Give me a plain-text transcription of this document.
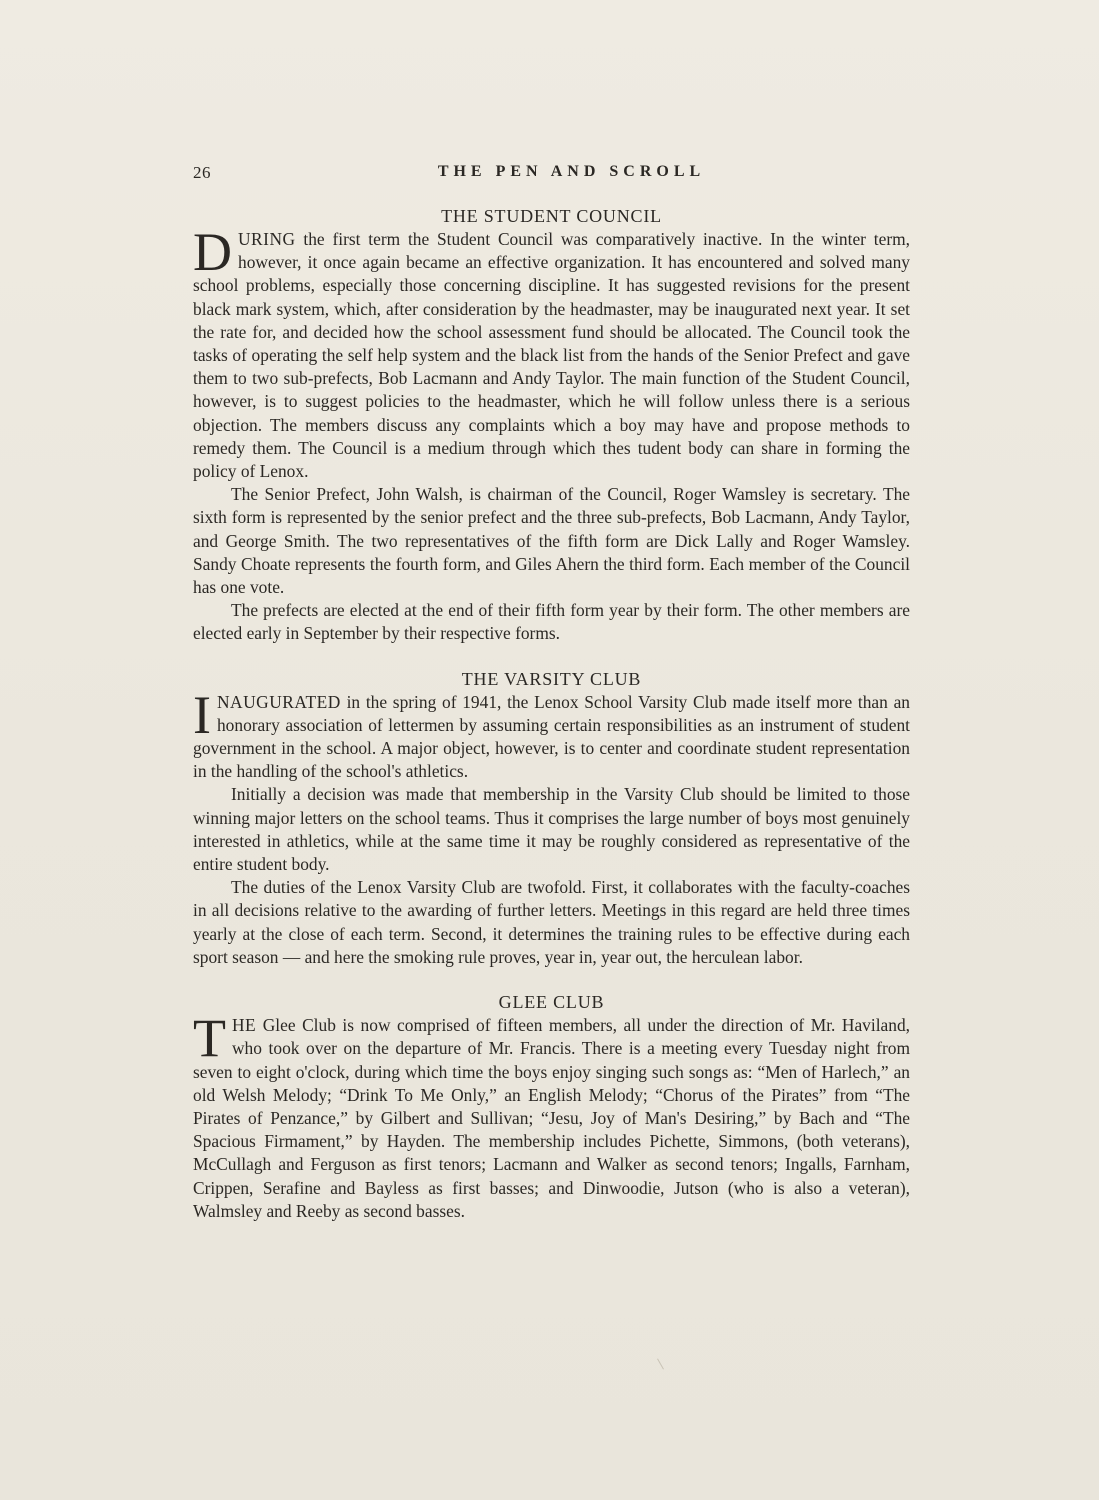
26	THE PEN AND SCROLL
THE STUDENT COUNCIL

DURING the first term the Student Council was comparatively inactive. In the winter term, however, it once again became an effective organization. It has encountered and solved many school problems, especially those concerning discipline. It has suggested revisions for the present black mark system, which, after consideration by the headmaster, may be inaugurated next year. It set the rate for, and decided how the school assessment fund should be allocated. The Council took the tasks of operating the self help system and the black list from the hands of the Senior Prefect and gave them to two sub-prefects, Bob Lacmann and Andy Taylor. The main function of the Student Council, however, is to suggest policies to the headmaster, which he will follow unless there is a serious objection. The members discuss any complaints which a boy may have and propose methods to remedy them. The Council is a medium through which thes tudent body can share in forming the policy of Lenox.

The Senior Prefect, John Walsh, is chairman of the Council, Roger Wamsley is secretary. The sixth form is represented by the senior prefect and the three sub-prefects, Bob Lacmann, Andy Taylor, and George Smith. The two representatives of the fifth form are Dick Lally and Roger Wamsley. Sandy Choate represents the fourth form, and Giles Ahern the third form. Each member of the Council has one vote.

The prefects are elected at the end of their fifth form year by their form. The other members are elected early in September by their respective forms.

THE VARSITY CLUB

INAUGURATED in the spring of 1941, the Lenox School Varsity Club made itself more than an honorary association of lettermen by assuming certain responsibilities as an instrument of student government in the school. A major object, however, is to center and coordinate student representation in the handling of the school's athletics.

Initially a decision was made that membership in the Varsity Club should be limited to those winning major letters on the school teams. Thus it comprises the large number of boys most genuinely interested in athletics, while at the same time it may be roughly considered as representative of the entire student body.

The duties of the Lenox Varsity Club are twofold. First, it collaborates with the faculty-coaches in all decisions relative to the awarding of further letters. Meetings in this regard are held three times yearly at the close of each term. Second, it determines the training rules to be effective during each sport season — and here the smoking rule proves, year in, year out, the herculean labor.

GLEE CLUB

THE Glee Club is now comprised of fifteen members, all under the direction of Mr. Haviland, who took over on the departure of Mr. Francis. There is a meeting every Tuesday night from seven to eight o'clock, during which time the boys enjoy singing such songs as: “Men of Harlech,” an old Welsh Melody; “Drink To Me Only,” an English Melody; “Chorus of the Pirates” from “The Pirates of Penzance,” by Gilbert and Sullivan; “Jesu, Joy of Man's Desiring,” by Bach and “The Spacious Firmament,” by Hayden. The membership includes Pichette, Simmons, (both veterans), McCullagh and Ferguson as first tenors; Lacmann and Walker as second tenors; Ingalls, Farnham, Crippen, Serafine and Bayless as first basses; and Dinwoodie, Jutson (who is also a veteran), Walmsley and Reeby as second basses.
